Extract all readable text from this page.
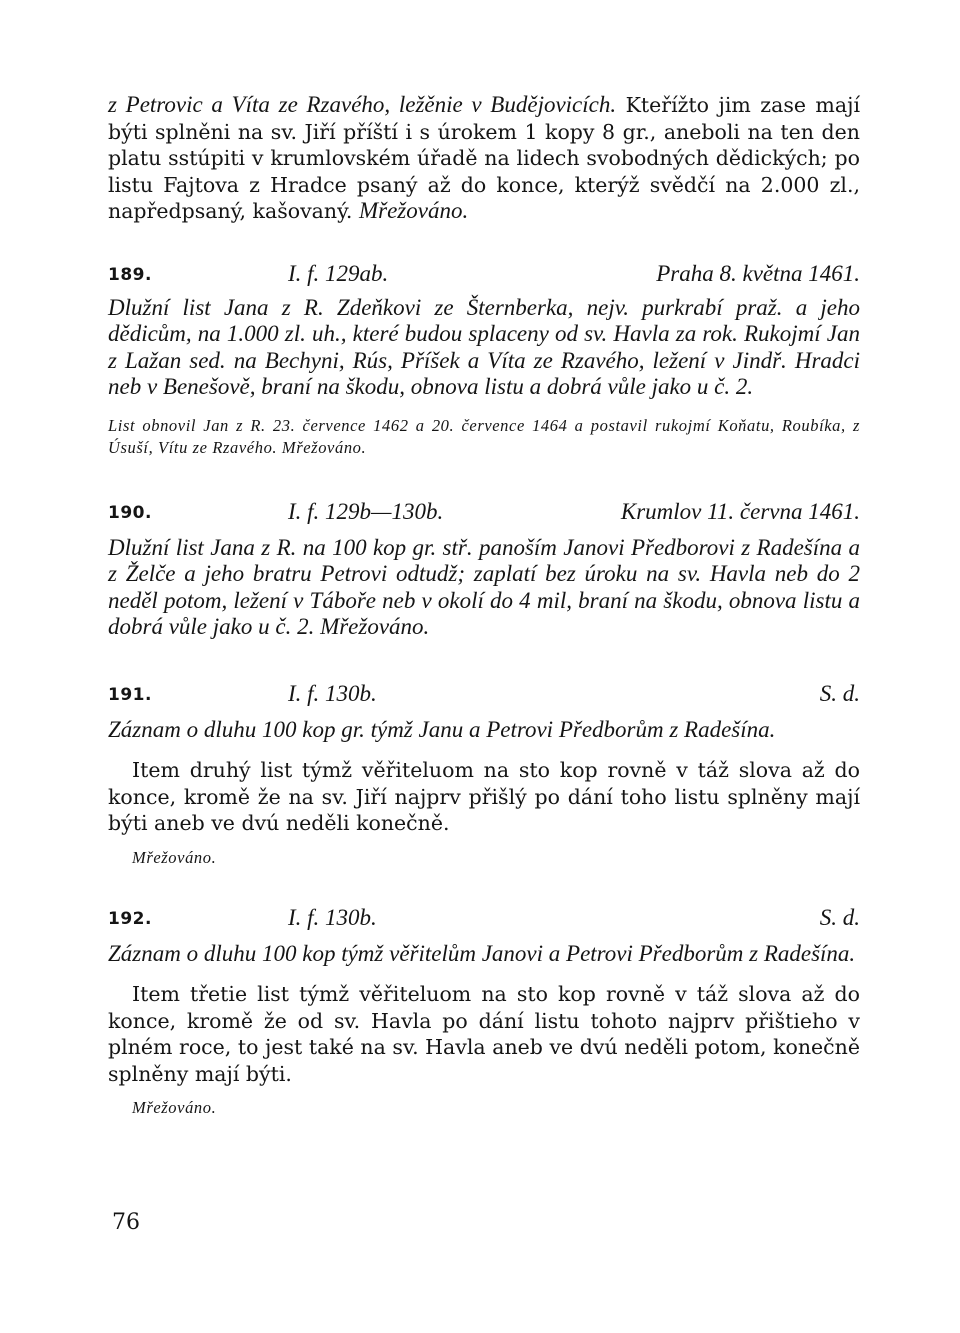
z Petrovic a Víta ze Rzavého, ležěnie v Budějovicích. Kteřížto jim zase mají býti splněni na sv. Jiří příští i s úrokem 1 kopy 8 gr., aneboli na ten den platu sstúpiti v krumlovském úřadě na lidech svobodných dědických; po listu Fajtova z Hradce psaný až do konce, kterýž svědčí na 2.000 zl., napředpsaný, kašovaný. Mřežováno.

189.	I. f. 129ab.	Praha 8. května 1461.

Dlužní list Jana z R. Zdeňkovi ze Šternberka, nejv. purkrabí praž. a jeho dědicům, na 1.000 zl. uh., které budou splaceny od sv. Havla za rok. Rukojmí Jan z Lažan sed. na Bechyni, Rús, Příšek a Víta ze Rzavého, ležení v Jindř. Hradci neb v Benešově, braní na škodu, obnova listu a dobrá vůle jako u č. 2.

List obnovil Jan z R. 23. července 1462 a 20. července 1464 a postavil rukojmí Koňatu, Roubíka, z Úsuší, Vítu ze Rzavého. Mřežováno.

190.	I. f. 129b—130b.	Krumlov 11. června 1461.

Dlužní list Jana z R. na 100 kop gr. stř. panoším Janovi Předborovi z Radešína a z Želče a jeho bratru Petrovi odtudž; zaplatí bez úroku na sv. Havla neb do 2 neděl potom, ležení v Táboře neb v okolí do 4 mil, braní na škodu, obnova listu a dobrá vůle jako u č. 2. Mřežováno.

191.	I. f. 130b.	S. d.

Záznam o dluhu 100 kop gr. týmž Janu a Petrovi Předborům z Radešína.

Item druhý list týmž věřiteluom na sto kop rovně v táž slova až do konce, kromě že na sv. Jiří najprv přišlý po dání toho listu splněny mají býti aneb ve dvú neděli konečně.

Mřežováno.

192.	I. f. 130b.	S. d.

Záznam o dluhu 100 kop týmž věřitelům Janovi a Petrovi Předborům z Radešína.

Item třetie list týmž věřiteluom na sto kop rovně v táž slova až do konce, kromě že od sv. Havla po dání listu tohoto najprv přištieho v plném roce, to jest také na sv. Havla aneb ve dvú neděli potom, konečně splněny mají býti.

Mřežováno.

76
